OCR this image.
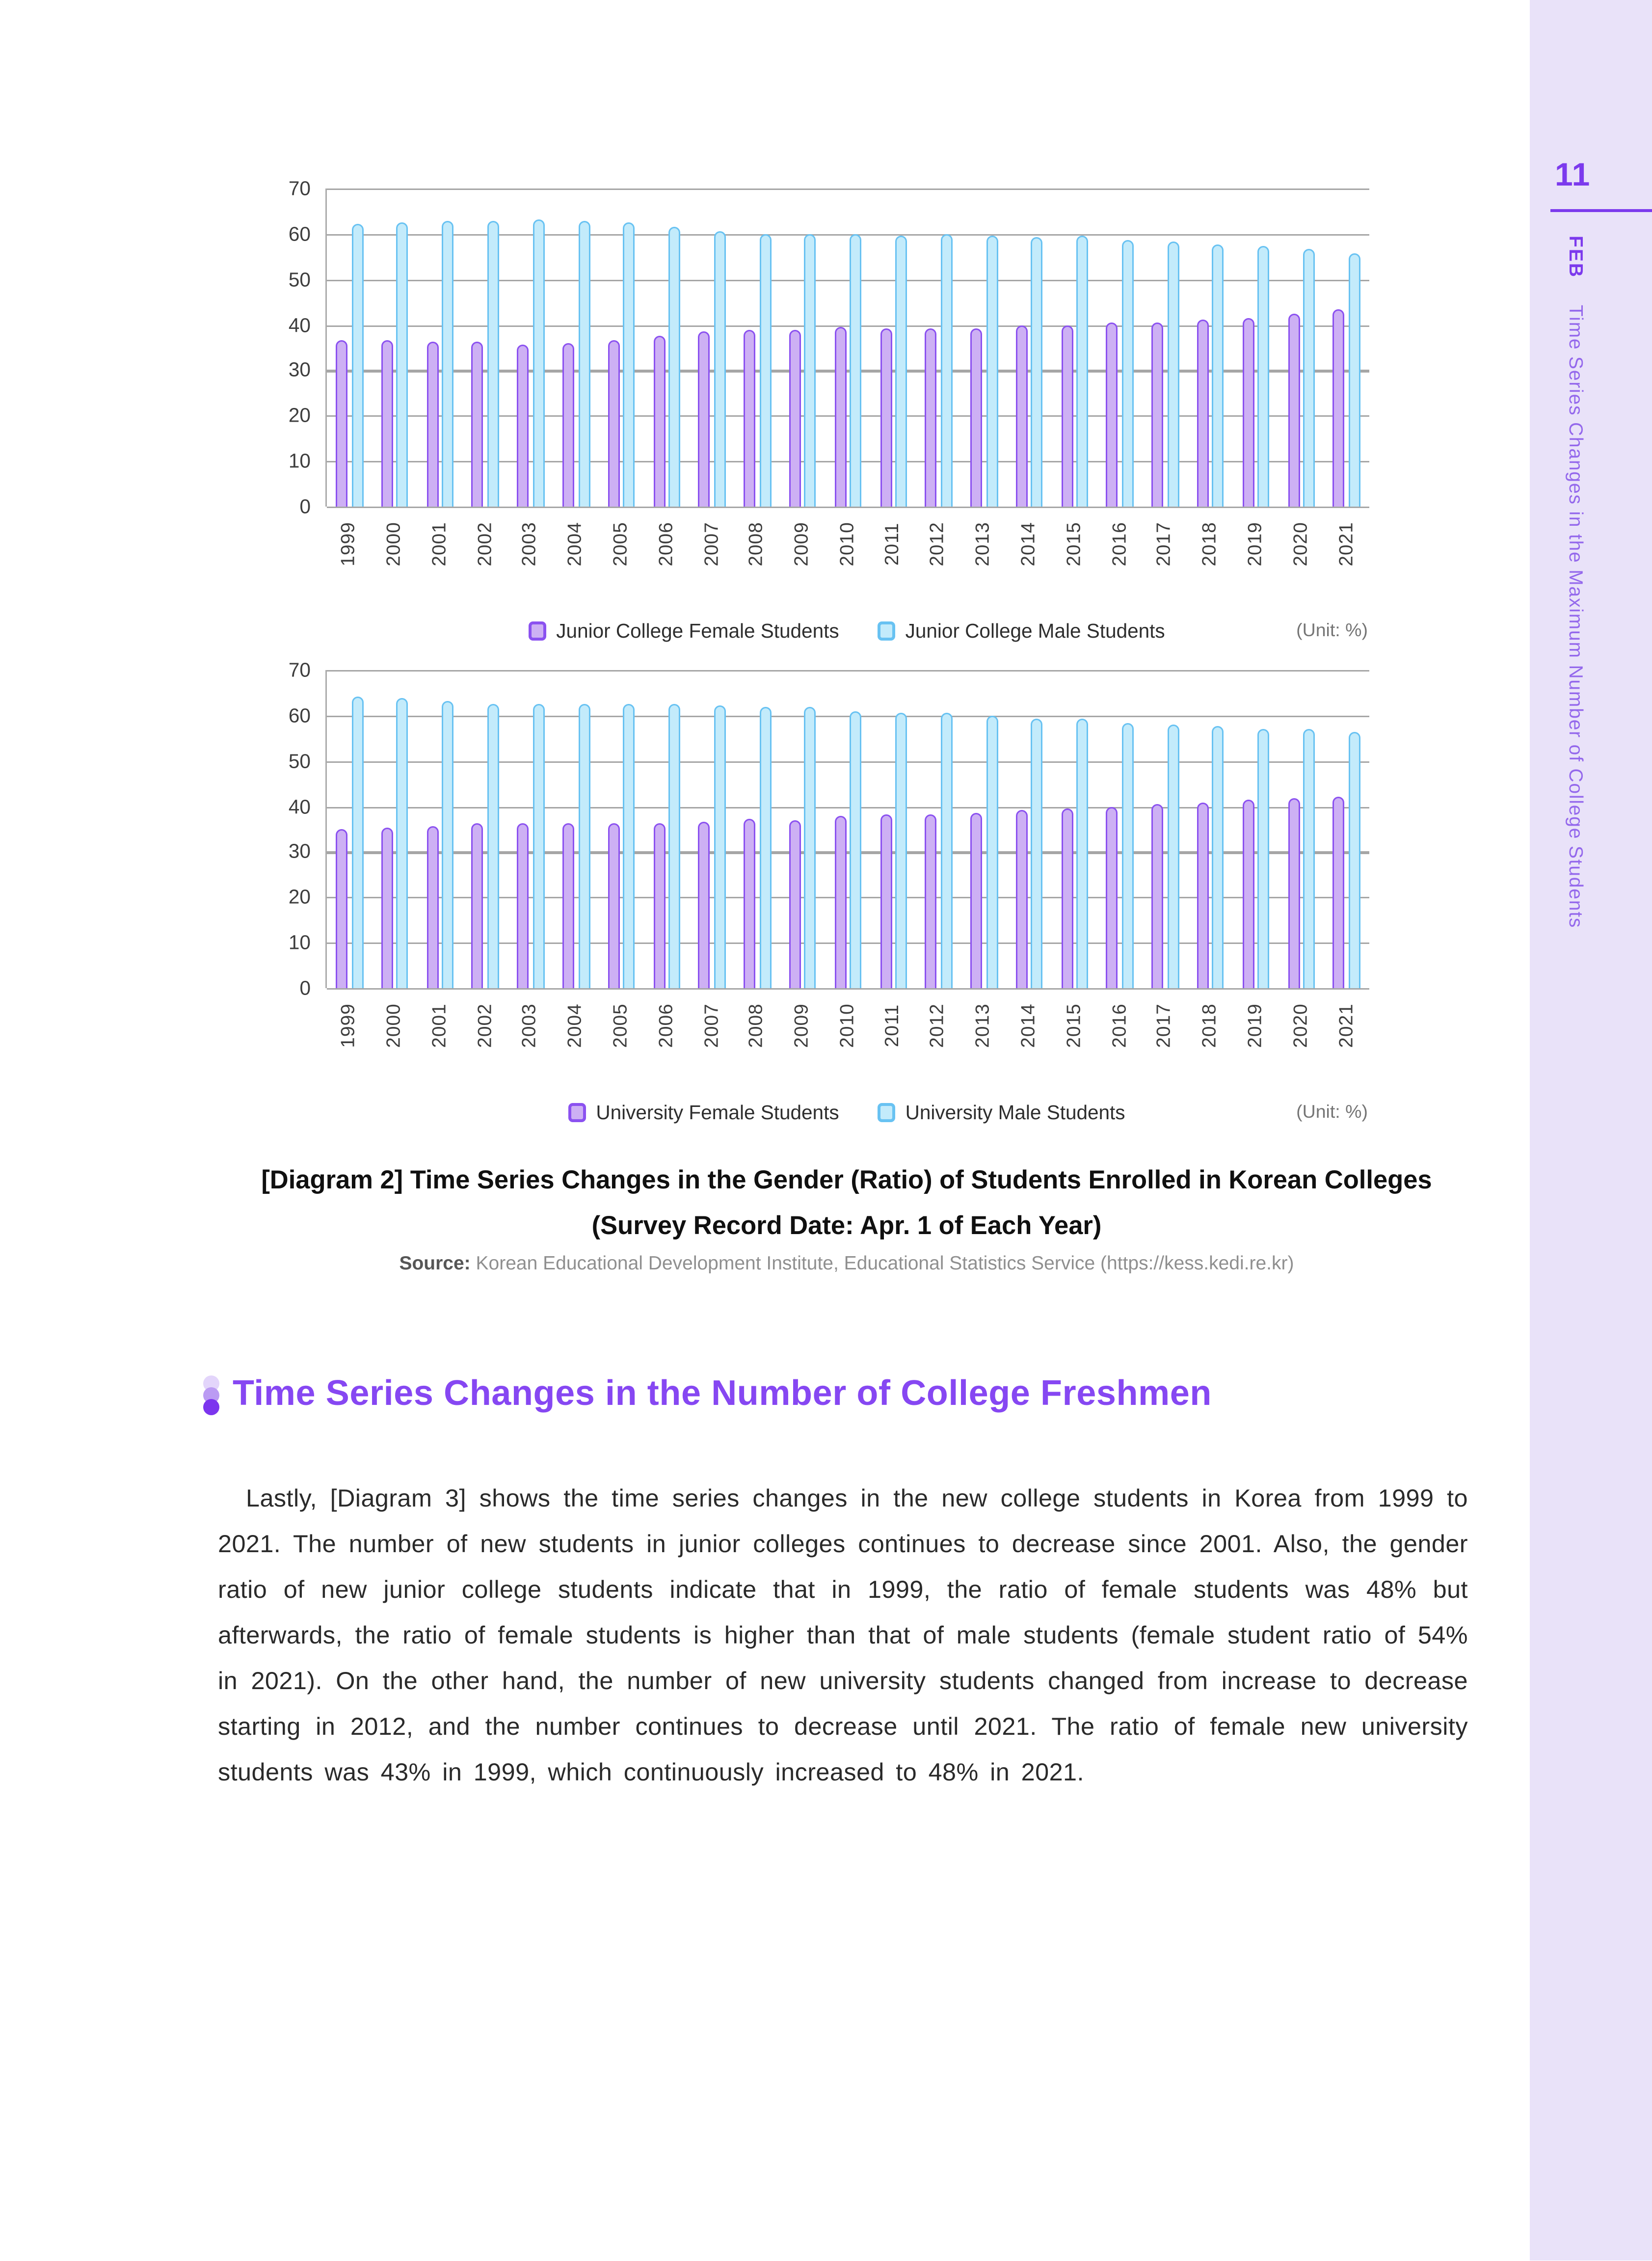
0
10
20
30
40
50
60
70
1999	2000	2001	2002	2003	2004	2005	2006	2007	2008	2009	2010	2011	2012	2013	2014	2015	2016	2017	2018	2019	2020	2021
Junior College Female Students	Junior College Male Students	(Unit: %)
0
10
20
30
40
50
60
70
1999	2000	2001	2002	2003	2004	2005	2006	2007	2008	2009	2010	2011	2012	2013	2014	2015	2016	2017	2018	2019	2020	2021
University Female Students	University Male Students	(Unit: %)
[Diagram 2] Time Series Changes in the Gender (Ratio) of Students Enrolled in Korean Colleges
(Survey Record Date: Apr. 1 of Each Year)
Source: Korean Educational Development Institute, Educational Statistics Service (https://kess.kedi.re.kr)
Time Series Changes in the Number of College Freshmen

Lastly, [Diagram 3] shows the time series changes in the new college students in Korea from 1999 to 2021. The number of new students in junior colleges continues to decrease since 2001. Also, the gender ratio of new junior college students indicate that in 1999, the ratio of female students was 48% but afterwards, the ratio of female students is higher than that of male students (female student ratio of 54% in 2021). On the other hand, the number of new university students changed from increase to decrease starting in 2012, and the number continues to decrease until 2021. The ratio of female new university students was 43% in 1999, which continuously increased to 48% in 2021.

11
FEB Time Series Changes in the Maximum Number of College Students
